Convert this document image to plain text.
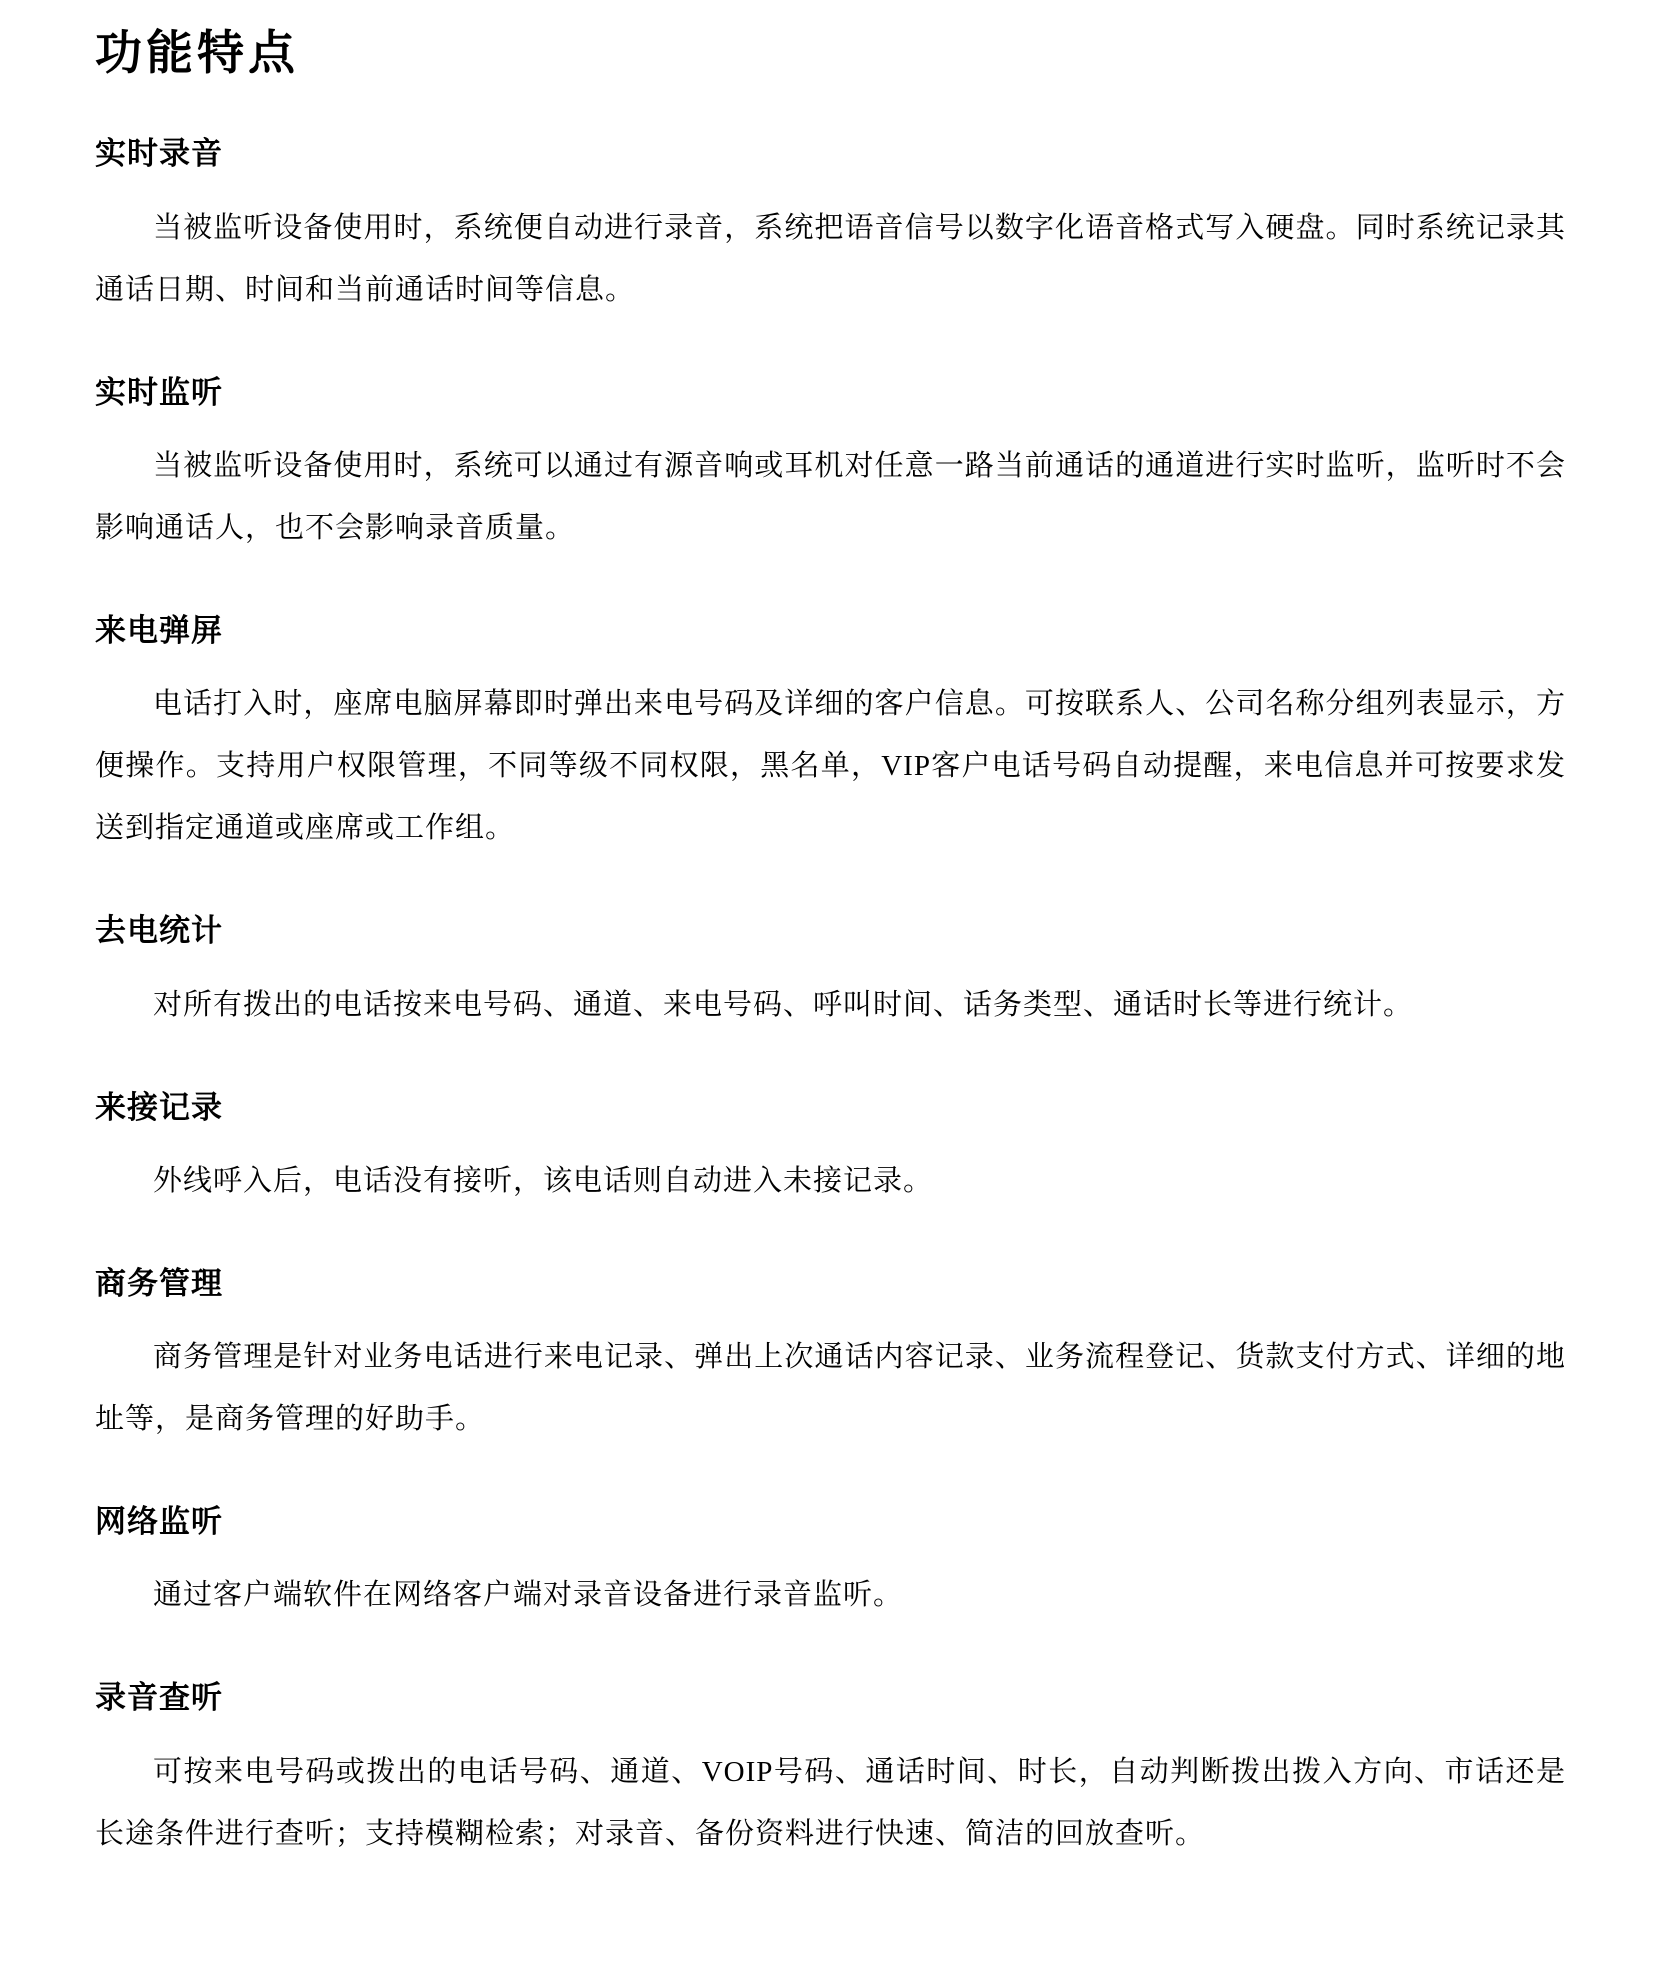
功能特点
实时录音

当被监听设备使用时，系统便自动进行录音，系统把语音信号以数字化语音格式写入硬盘。同时系统记录其通话日期、时间和当前通话时间等信息。

实时监听

当被监听设备使用时，系统可以通过有源音响或耳机对任意一路当前通话的通道进行实时监听，监听时不会影响通话人，也不会影响录音质量。

来电弹屏

电话打入时，座席电脑屏幕即时弹出来电号码及详细的客户信息。可按联系人、公司名称分组列表显示，方便操作。支持用户权限管理，不同等级不同权限，黑名单，VIP客户电话号码自动提醒，来电信息并可按要求发送到指定通道或座席或工作组。

去电统计

对所有拨出的电话按来电号码、通道、来电号码、呼叫时间、话务类型、通话时长等进行统计。

来接记录

外线呼入后，电话没有接听，该电话则自动进入未接记录。

商务管理

商务管理是针对业务电话进行来电记录、弹出上次通话内容记录、业务流程登记、货款支付方式、详细的地址等，是商务管理的好助手。

网络监听

通过客户端软件在网络客户端对录音设备进行录音监听。

录音查听

可按来电号码或拨出的电话号码、通道、VOIP号码、通话时间、时长，自动判断拨出拨入方向、市话还是长途条件进行查听；支持模糊检索；对录音、备份资料进行快速、简洁的回放查听。
